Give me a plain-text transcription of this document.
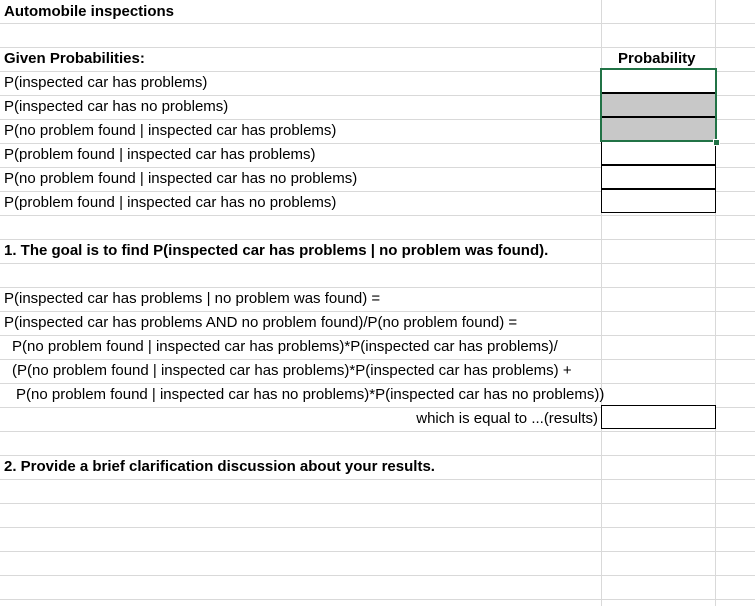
Automobile inspections
Given Probabilities:	Probability
P(inspected car has problems)
P(inspected car has no problems)
P(no problem found | inspected car has problems)
P(problem found | inspected car has problems)
P(no problem found | inspected car has no problems)
P(problem found | inspected car has no problems)
1. The goal is to find P(inspected car has problems | no problem was found).
P(inspected car has problems | no problem was found) =
P(inspected car has problems AND no problem found)/P(no problem found) =
P(no problem found | inspected car has problems)*P(inspected car has problems)/
(P(no problem found | inspected car has problems)*P(inspected car has problems) +
P(no problem found | inspected car has no problems)*P(inspected car has no problems))
which is equal to ...(results)
2. Provide a brief clarification discussion about your results.
